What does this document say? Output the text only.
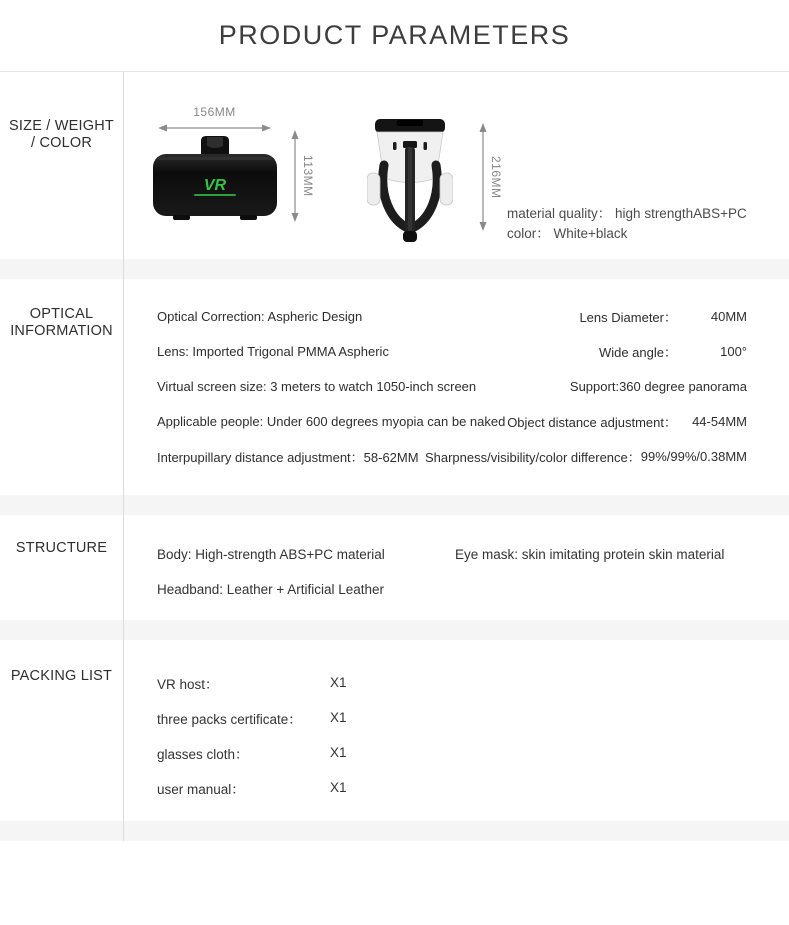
PRODUCT PARAMETERS
SIZE / WEIGHT
/ COLOR
156MM
VR	113MM	216MM
material quality： high strengthABS+PC
color： White+black
OPTICAL
INFORMATION
Optical Correction: Aspheric Design	Lens Diameter：	40MM
Lens: Imported Trigonal PMMA Aspheric	Wide angle：	100°
Virtual screen size: 3 meters to watch 1050-inch screen	Support: 360 degree panorama
Applicable people: Under 600 degrees myopia can be naked Object distance adjustment：	44-54MM
Interpupillary distance adjustment：58-62MM Sharpness/visibility/color difference： 99%/99%/0.38MM
STRUCTURE	Body: High-strength ABS+PC material	Eye mask: skin imitating protein skin material
Headband: Leather + Artificial Leather
PACKING LIST	VR host：	X1
three packs certificate：	X1
glasses cloth：	X1
user manual：	X1
